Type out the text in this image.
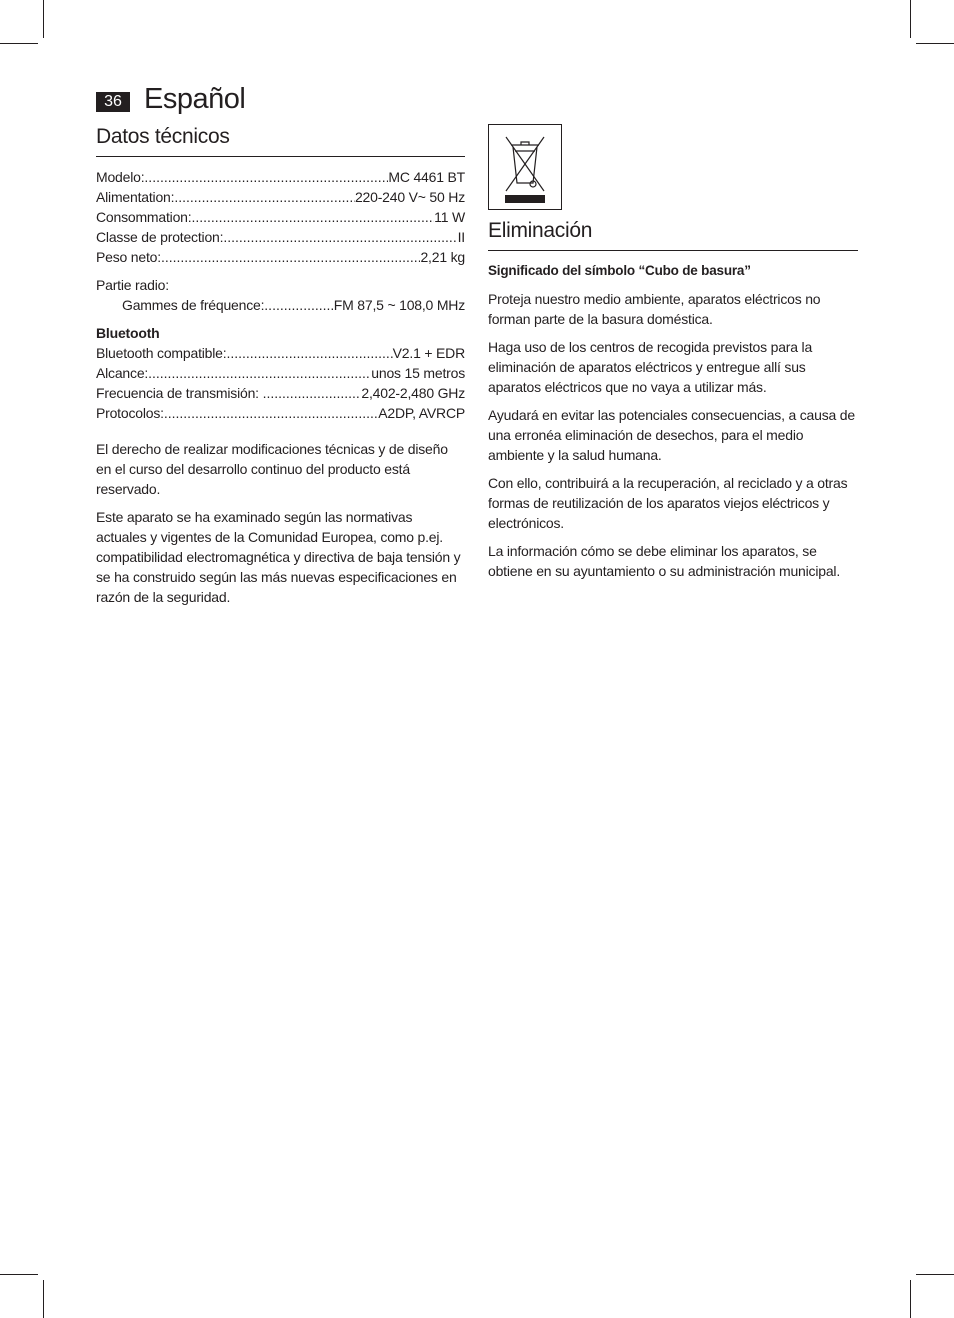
36 Español
Datos técnicos
Modelo: .....	MC 4461 BT
Alimentation: .....	220-240 V~ 50 Hz
Consommation: .....	11 W
Classe de protection: .....	II
Peso neto: .....	2,21 kg
Partie radio:
Gammes de fréquence: .....	FM 87,5 ~ 108,0 MHz
Bluetooth
Bluetooth compatible: .....	V2.1 + EDR
Alcance: .....	unos 15 metros
Frecuencia de transmisión: .....	2,402-2,480 GHz
Protocolos: .....	A2DP, AVRCP

El derecho de realizar modificaciones técnicas y de diseño en el curso del desarrollo continuo del producto está reservado.

Este aparato se ha examinado según las normativas actuales y vigentes de la Comunidad Europea, como p.ej. compatibilidad electromagnética y directiva de baja tensión y se ha construido según las más nuevas especificaciones en razón de la seguridad.

Eliminación
Significado del símbolo “Cubo de basura”

Proteja nuestro medio ambiente, aparatos eléctricos no forman parte de la basura doméstica.

Haga uso de los centros de recogida previstos para la eliminación de aparatos eléctricos y entregue allí sus aparatos eléctricos que no vaya a utilizar más.

Ayudará en evitar las potenciales consecuencias, a causa de una erronéa eliminación de desechos, para el medio ambiente y la salud humana.

Con ello, contribuirá a la recuperación, al reciclado y a otras formas de reutilización de los aparatos viejos eléctricos y electrónicos.

La información cómo se debe eliminar los aparatos, se obtiene en su ayuntamiento o su administración municipal.
